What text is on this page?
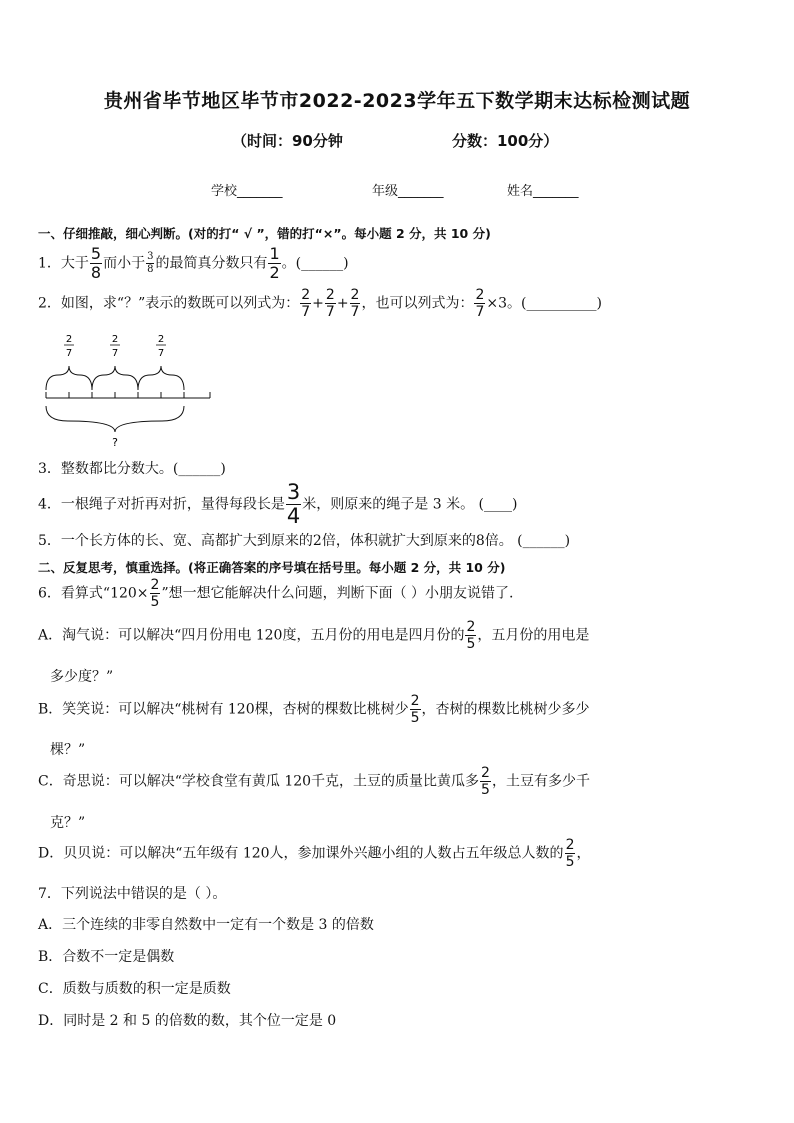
贵州省毕节地区毕节市2022-2023学年五下数学期末达标检测试题
（时间：90分钟	分数：100分）
学校_______	年级_______	姓名_______
一、仔细推敲，细心判断。(对的打“ √ ”，错的打“×”。每小题 2 分，共 10 分)
1．大于 $\frac{5}{8}$ 而小于 $\frac{3}{8}$ 的最简真分数只有 $\frac{1}{2}$ 。(______)
2．如图，求“？”表示的数既可以列式为： $\frac{2}{7} + \frac{2}{7} + \frac{2}{7}$ ，也可以列式为： $\frac{2}{7} \times 3$。(__________)
2
7
2
7
2
7
?
3．整数都比分数大。(______)
4．一根绳子对折再对折，量得每段长是 $\frac{3}{4}$ 米，则原来的绳子是 3 米。 (____)
5．一个长方体的长、宽、高都扩大到原来的2倍，体积就扩大到原来的8倍。 (______)
二、反复思考，慎重选择。(将正确答案的序号填在括号里。每小题 2 分，共 10 分)
6．看算式“$120\times \frac{2}{5}$ ”想一想它能解决什么问题，判断下面（ ）小朋友说错了.
A．淘气说：可以解决“四月份用电 120度，五月份的用电是四月份的 $\frac{2}{5}$ ，五月份的用电是
多少度？”
B．笑笑说：可以解决“桃树有 120棵，杏树的棵数比桃树少 $\frac{2}{5}$ ，杏树的棵数比桃树少多少
棵？”
C．奇思说：可以解决“学校食堂有黄瓜 120千克，土豆的质量比黄瓜多 $\frac{2}{5}$ ，土豆有多少千
克？”
D．贝贝说：可以解决“五年级有 120人，参加课外兴趣小组的人数占五年级总人数的 $\frac{2}{5}$ ，
7．下列说法中错误的是（ ）。
A．三个连续的非零自然数中一定有一个数是 3 的倍数
B．合数不一定是偶数
C．质数与质数的积一定是质数
D．同时是 2 和 5 的倍数的数，其个位一定是 0
